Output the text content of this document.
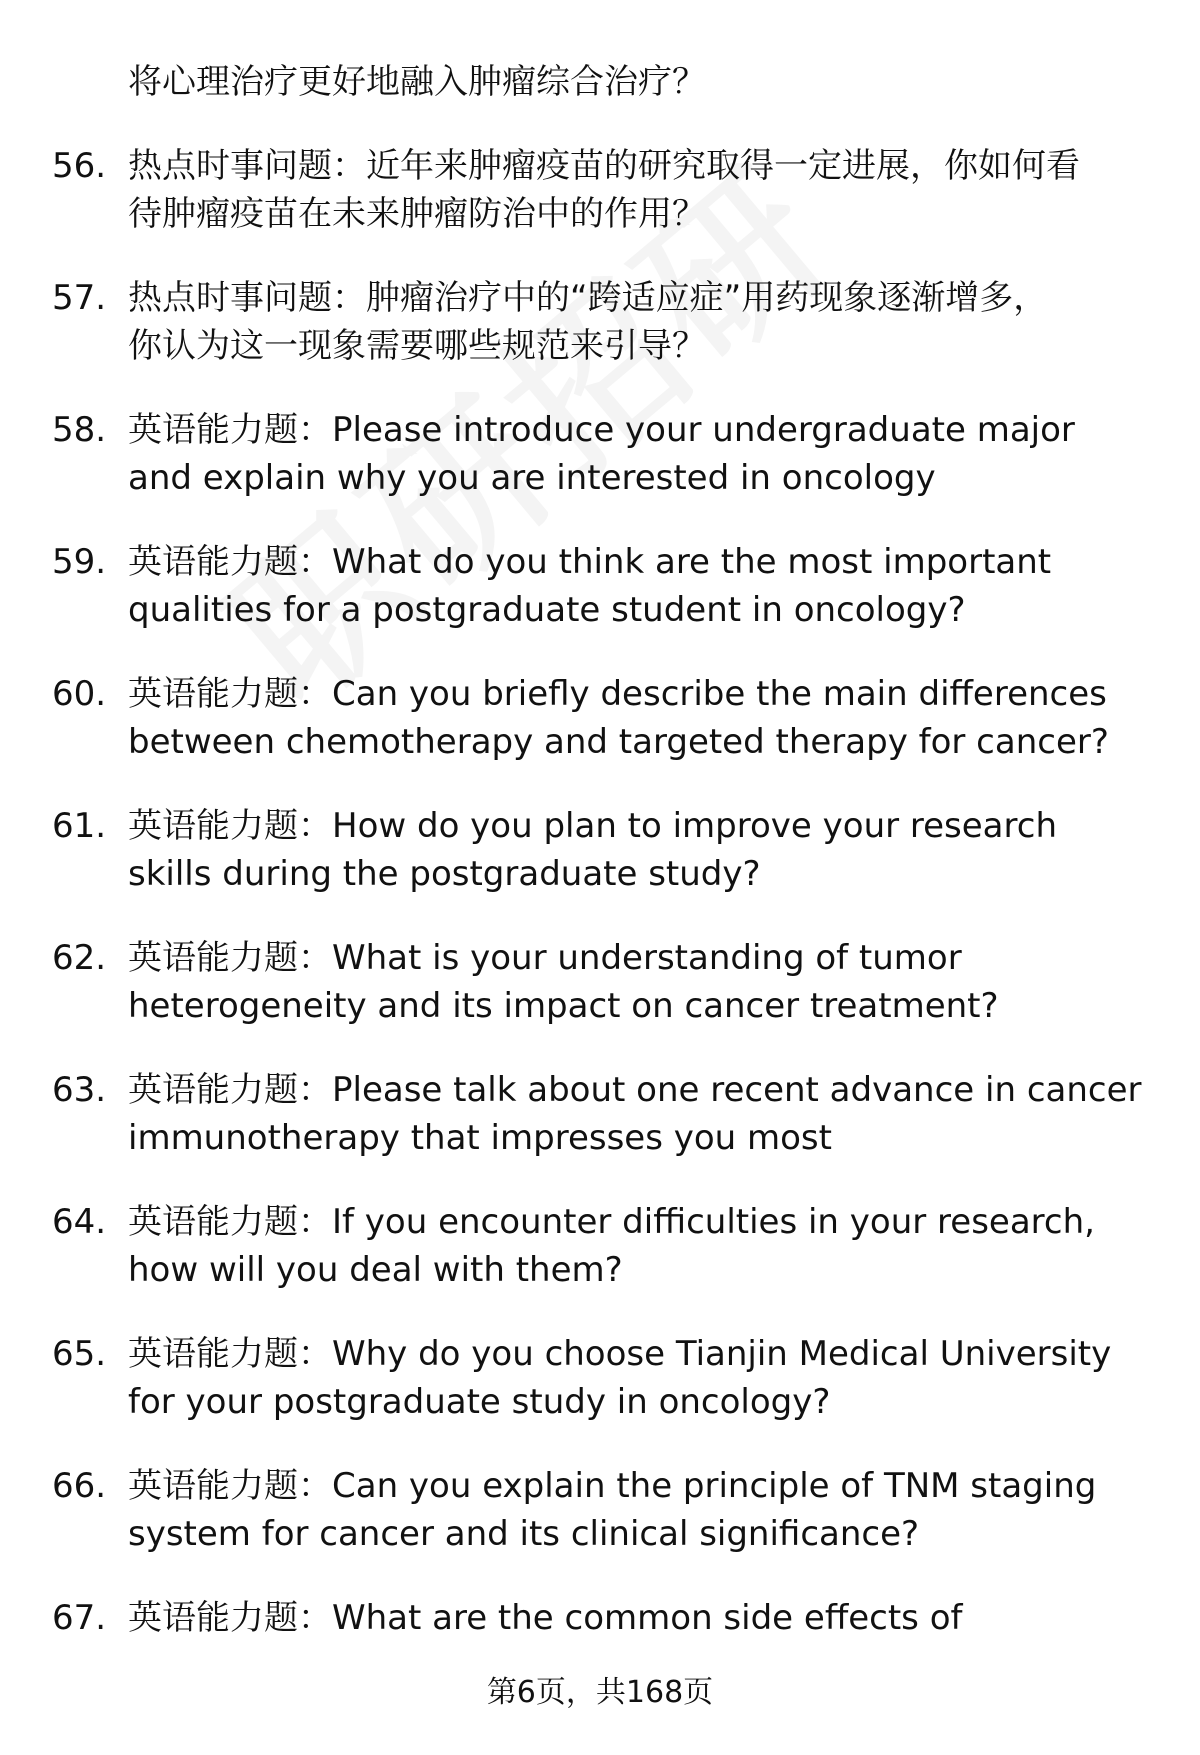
将心理治疗更好地融入肿瘤综合治疗？
56. 热点时事问题：近年来肿瘤疫苗的研究取得一定进展，你如何看
待肿瘤疫苗在未来肿瘤防治中的作用？
57. 热点时事问题：肿瘤治疗中的“跨适应症”用药现象逐渐增多，
你认为这一现象需要哪些规范来引导？
58. 英语能力题：Please introduce your undergraduate major
and explain why you are interested in oncology
59. 英语能力题：What do you think are the most important
qualities for a postgraduate student in oncology?
60. 英语能力题：Can you briefly describe the main differences
between chemotherapy and targeted therapy for cancer?
61. 英语能力题：How do you plan to improve your research
skills during the postgraduate study?
62. 英语能力题：What is your understanding of tumor
heterogeneity and its impact on cancer treatment?
63. 英语能力题：Please talk about one recent advance in cancer
immunotherapy that impresses you most
64. 英语能力题：If you encounter difficulties in your research,
how will you deal with them?
65. 英语能力题：Why do you choose Tianjin Medical University
for your postgraduate study in oncology?
66. 英语能力题：Can you explain the principle of TNM staging
system for cancer and its clinical significance?
67. 英语能力题：What are the common side effects of
第6页，共168页
